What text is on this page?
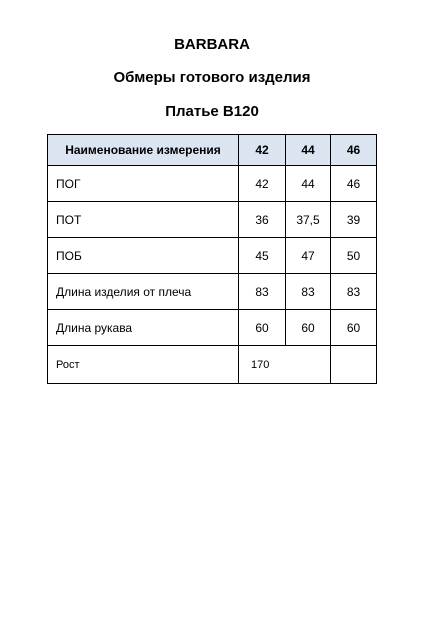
BARBARA
Обмеры готового изделия
Платье В120
Наименование измерения	42	44	46
ПОГ	42	44	46
ПОТ	36	37,5	39
ПОБ	45	47	50
Длина изделия от плеча	83	83	83
Длина рукава	60	60	60
Рост	170		
